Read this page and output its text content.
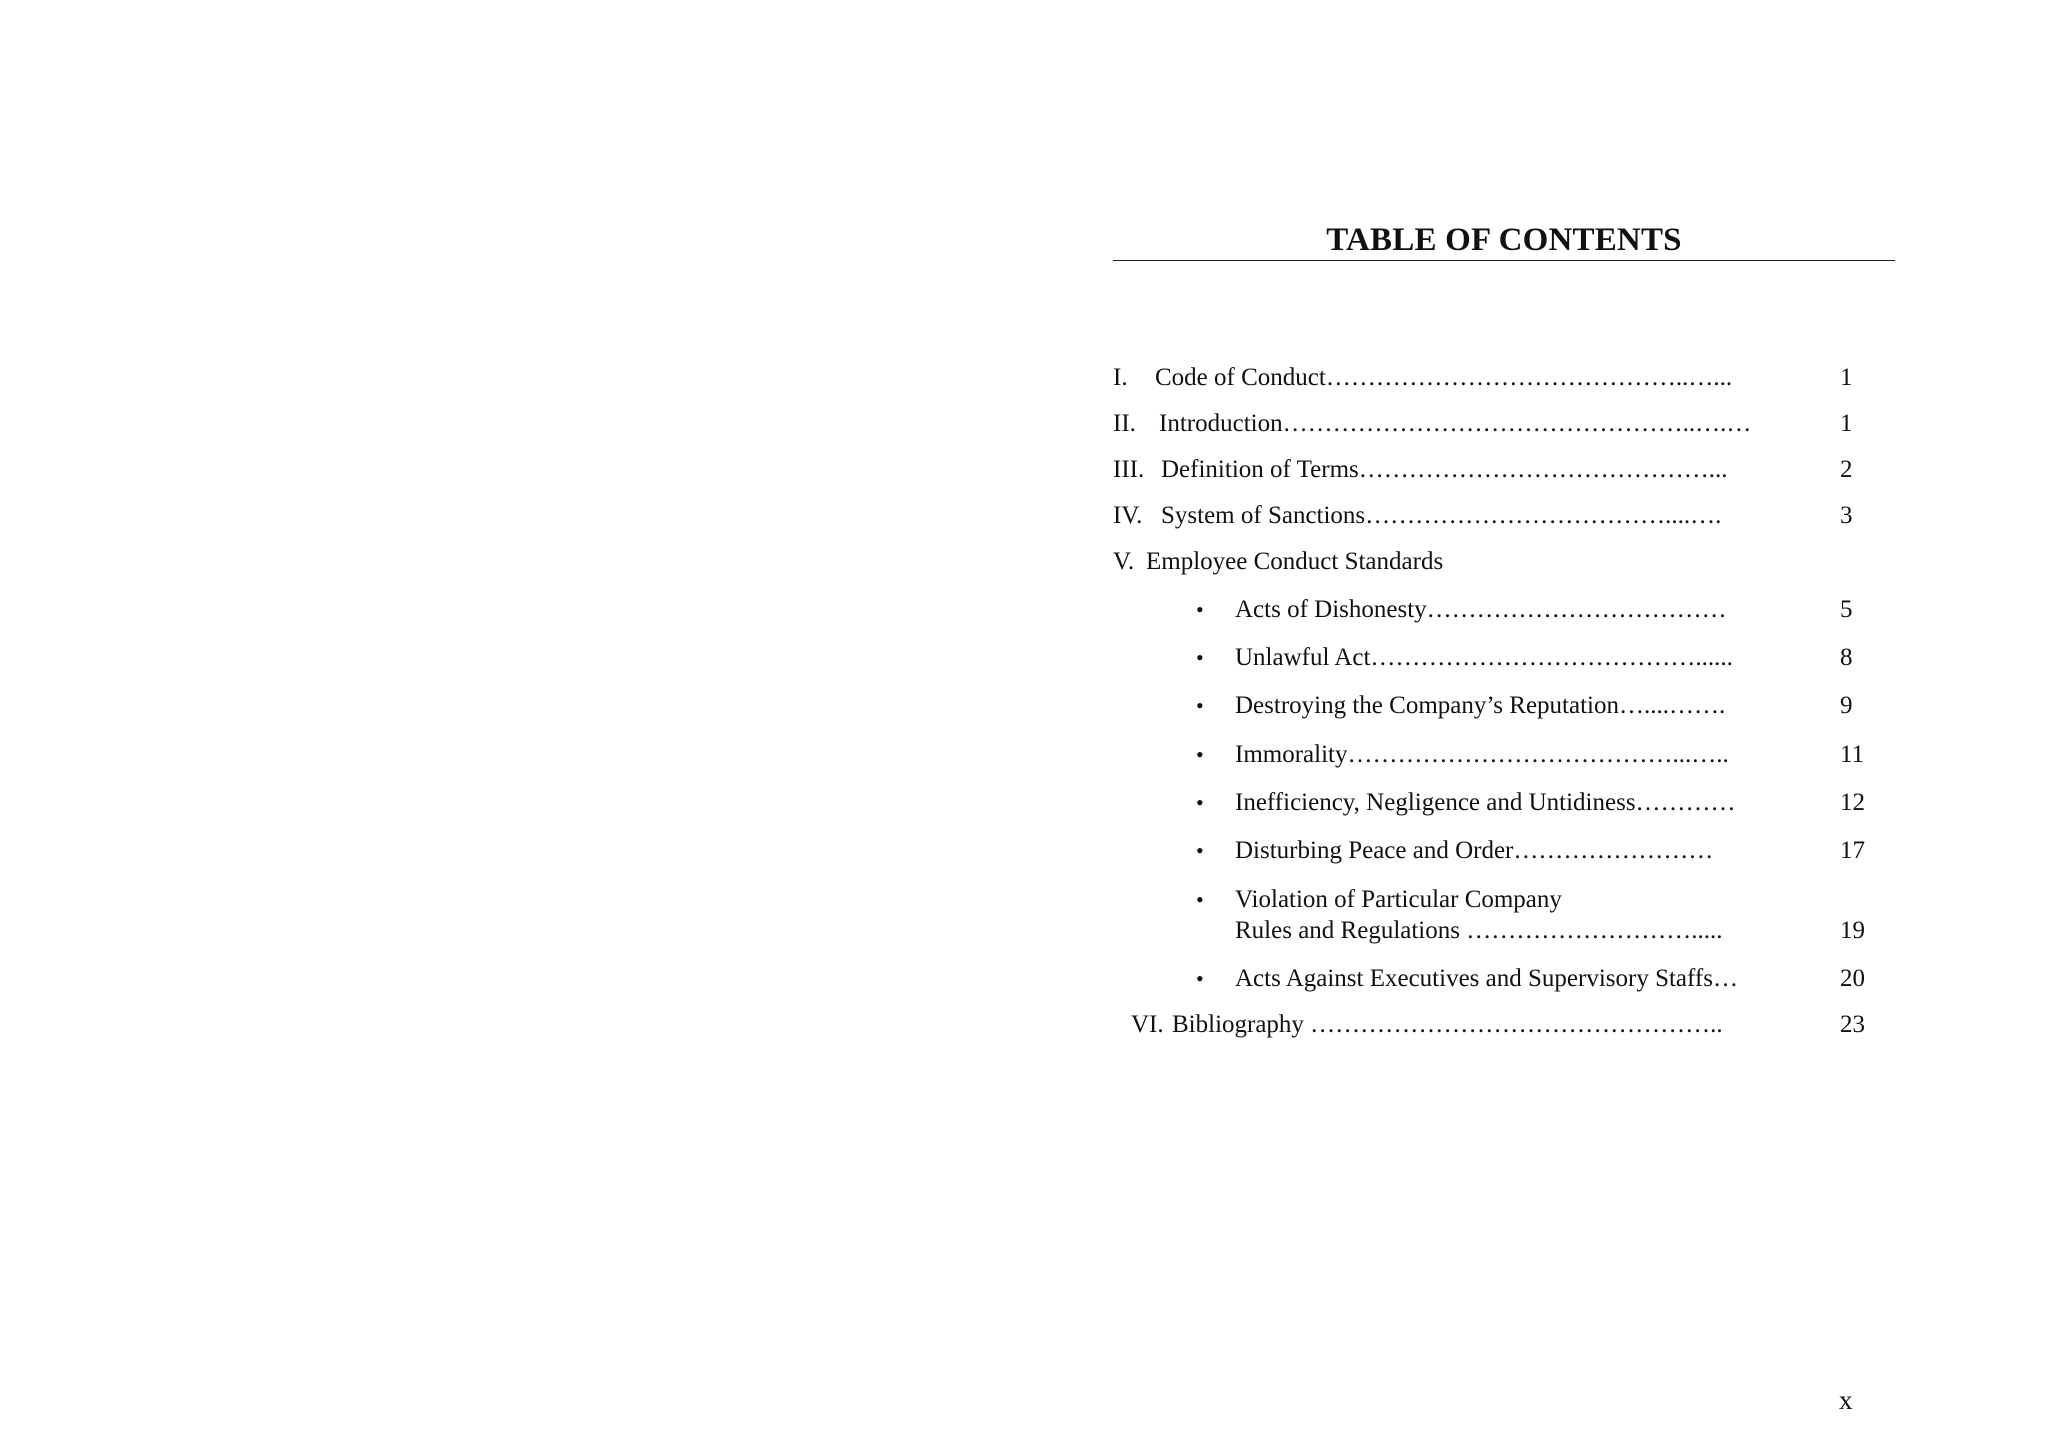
TABLE OF CONTENTS
I. Code of Conduct……………………………………..…...	1
II. Introduction…………………………………………..….…	1
III. Definition of Terms……………………………………...	2
IV. System of Sanctions………………………………....….	3
V. Employee Conduct Standards
• Acts of Dishonesty………………………………	5
• Unlawful Act…………………………………......	8
• Destroying the Company’s Reputation…....…….	9
• Immorality…………………………………...…..	11
• Inefficiency, Negligence and Untidiness…………	12
• Disturbing Peace and Order……………………	17
• Violation of Particular Company
Rules and Regulations ……………………….....	19
• Acts Against Executives and Supervisory Staffs…	20
VI. Bibliography …………………………………………..	23
x
